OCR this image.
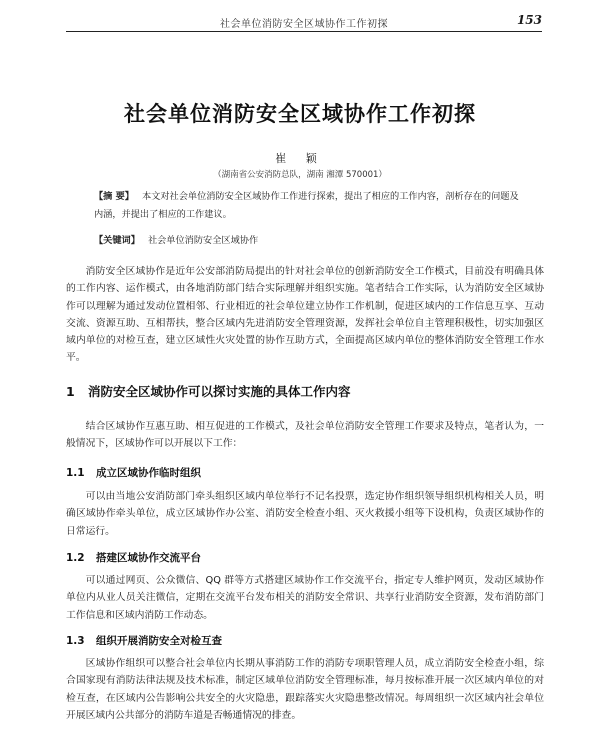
社会单位消防安全区域协作工作初探	153
社会单位消防安全区域协作工作初探
崔 颖
（湖南省公安消防总队，湖南 湘潭 570001）
【摘 要】 本文对社会单位消防安全区域协作工作进行探索，提出了相应的工作内容，剖析存在的问题及内涵，并提出了相应的工作建议。
【关键词】 社会单位消防安全区域协作

消防安全区域协作是近年公安部消防局提出的针对社会单位的创新消防安全工作模式，目前没有明确具体的工作内容、运作模式，由各地消防部门结合实际理解并组织实施。笔者结合工作实际，认为消防安全区域协作可以理解为通过发动位置相邻、行业相近的社会单位建立协作工作机制，促进区域内的工作信息互享、互动交流、资源互助、互相帮扶，整合区域内先进消防安全管理资源，发挥社会单位自主管理积极性，切实加强区域内单位的对检互查，建立区域性火灾处置的协作互助方式，全面提高区域内单位的整体消防安全管理工作水平。

1 消防安全区域协作可以探讨实施的具体工作内容

结合区域协作互惠互助、相互促进的工作模式，及社会单位消防安全管理工作要求及特点，笔者认为，一般情况下，区域协作可以开展以下工作：

1.1 成立区域协作临时组织

可以由当地公安消防部门牵头组织区域内单位举行不记名投票，选定协作组织领导组织机构相关人员，明确区域协作牵头单位，成立区域协作办公室、消防安全检查小组、灭火救援小组等下设机构，负责区域协作的日常运行。

1.2 搭建区域协作交流平台

可以通过网页、公众微信、QQ 群等方式搭建区域协作工作交流平台，指定专人维护网页，发动区域协作单位内从业人员关注微信，定期在交流平台发布相关的消防安全常识、共享行业消防安全资源，发布消防部门工作信息和区域内消防工作动态。

1.3 组织开展消防安全对检互查

区域协作组织可以整合社会单位内长期从事消防工作的消防专项职管理人员，成立消防安全检查小组，综合国家现有消防法律法规及技术标准，制定区域单位消防安全管理标准，每月按标准开展一次区域内单位的对检互查，在区域内公告影响公共安全的火灾隐患，跟踪落实火灾隐患整改情况。每周组织一次区域内社会单位开展区域内公共部分的消防车道是否畅通情况的排查。
